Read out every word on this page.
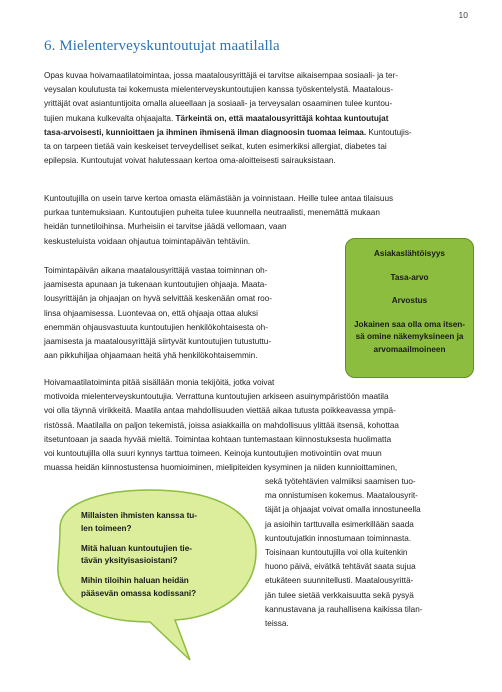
10
6. Mielenterveyskuntoutujat maatilalla
Opas kuvaa hoivamaatilatoimintaa, jossa maatalousyrittäjä ei tarvitse aikaisempaa sosiaali- ja ter-
veysalan koulutusta tai kokemusta mielenterveyskuntoutujien kanssa työskentelystä. Maatalous-
yrittäjät ovat asiantuntijoita omalla alueellaan ja sosiaali- ja terveysalan osaaminen tulee kuntou-
tujien mukana kulkevalta ohjaajalta. Tärkeintä on, että maatalousyrittäjä kohtaa kuntoutujat
tasa-arvoisesti, kunnioittaen ja ihminen ihmisenä ilman diagnoosin tuomaa leimaa. Kuntoutujis-
ta on tarpeen tietää vain keskeiset terveydelliset seikat, kuten esimerkiksi allergiat, diabetes tai
epilepsia. Kuntoutujat voivat halutessaan kertoa oma-aloitteisesti sairauksistaan.
Kuntoutujilla on usein tarve kertoa omasta elämästään ja voinnistaan. Heille tulee antaa tilaisuus
purkaa tuntemuksiaan. Kuntoutujien puheita tulee kuunnella neutraalisti, menemättä mukaan
heidän tunnetiloihinsa. Murheisiin ei tarvitse jäädä vellomaan, vaan
keskusteluista voidaan ohjautua toimintapäivän tehtäviin.
Toimintapäivän aikana maatalousyrittäjä vastaa toiminnan oh-
jaamisesta apunaan ja tukenaan kuntoutujien ohjaaja. Maata-
lousyrittäjän ja ohjaajan on hyvä selvittää keskenään omat roo-
linsa ohjaamisessa. Luontevaa on, että ohjaaja ottaa aluksi
enemmän ohjausvastuuta kuntoutujien henkilökohtaisesta oh-
jaamisesta ja maatalousyrittäjä siirtyvät kuntoutujien tutustuttu-
aan pikkuhiljaa ohjaamaan heitä yhä henkilökohtaisemmin.
Asiakaslähtöisyys
Tasa-arvo
Arvostus
Jokainen saa olla oma itsen-
sä omine näkemyksineen ja
arvomaailmoineen
Hoivamaatilatoiminta pitää sisällään monia tekijöitä, jotka voivat
motivoida mielenterveyskuntoutujia. Verrattuna kuntoutujien arkiseen asuinympäristöön maatila
voi olla täynnä virikkeitä. Maatila antaa mahdollisuuden viettää aikaa tutusta poikkeavassa ympä-
ristössä. Maatilalla on paljon tekemistä, joissa asiakkailla on mahdollisuus ylittää itsensä, kohottaa
itsetuntoaan ja saada hyvää mieltä. Toimintaa kohtaan tuntemastaan kiinnostuksesta huolimatta
voi kuntoutujilla olla suuri kynnys tarttua toimeen. Keinoja kuntoutujien motivointiin ovat muun
muassa heidän kiinnostustensa huomioiminen, mielipiteiden kysyminen ja niiden kunnioittaminen,
sekä työtehtävien valmiiksi saamisen tuo-
ma onnistumisen kokemus. Maatalousyrit-
täjät ja ohjaajat voivat omalla innostuneella
ja asioihin tarttuvalla esimerkillään saada
kuntoutujatkin innostumaan toiminnasta.
Toisinaan kuntoutujilla voi olla kuitenkin
huono päivä, eivätkä tehtävät saata sujua
etukäteen suunnitellusti. Maatalousyrittä-
jän tulee sietää verkkaisuutta sekä pysyä
kannustavana ja rauhallisena kaikissa tilan-
teissa.

Millaisten ihmisten kanssa tu-
len toimeen?

Mitä haluan kuntoutujien tie-
tävän yksityisasioistani?

Mihin tiloihin haluan heidän
pääsevän omassa kodissani?
